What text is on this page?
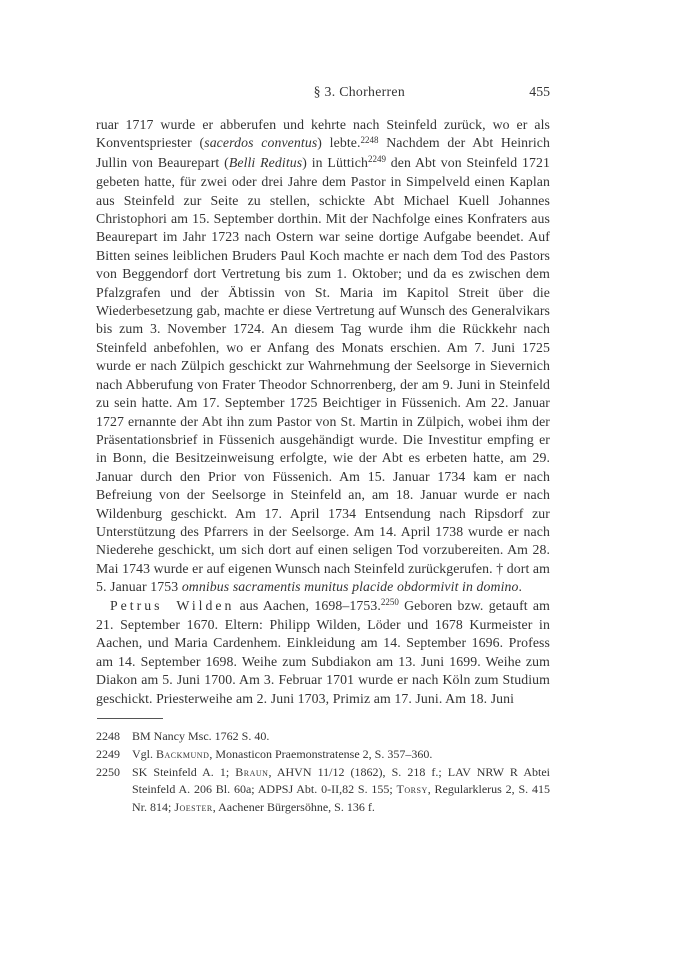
§ 3. Chorherren	455

ruar 1717 wurde er abberufen und kehrte nach Steinfeld zurück, wo er als Konventspriester (sacerdos conventus) lebte.$^{2248}$ Nachdem der Abt Heinrich Jullin von Beaurepart (Belli Reditus) in Lüttich$^{2249}$ den Abt von Steinfeld 1721 gebeten hatte, für zwei oder drei Jahre dem Pastor in Simpelveld einen Kaplan aus Steinfeld zur Seite zu stellen, schickte Abt Michael Kuell Johannes Christophori am 15. September dorthin. Mit der Nachfolge eines Konfraters aus Beaurepart im Jahr 1723 nach Ostern war seine dortige Aufgabe beendet. Auf Bitten seines leiblichen Bruders Paul Koch machte er nach dem Tod des Pastors von Beggendorf dort Vertretung bis zum 1. Oktober; und da es zwischen dem Pfalzgrafen und der Äbtissin von St. Maria im Kapitol Streit über die Wiederbesetzung gab, machte er diese Vertretung auf Wunsch des Generalvikars bis zum 3. November 1724. An diesem Tag wurde ihm die Rückkehr nach Steinfeld anbefohlen, wo er Anfang des Monats erschien. Am 7. Juni 1725 wurde er nach Zülpich geschickt zur Wahrnehmung der Seelsorge in Sievernich nach Abberufung von Frater Theodor Schnorrenberg, der am 9. Juni in Steinfeld zu sein hatte. Am 17. September 1725 Beichtiger in Füssenich. Am 22. Januar 1727 ernannte der Abt ihn zum Pastor von St. Martin in Zülpich, wobei ihm der Präsentationsbrief in Füssenich ausgehändigt wurde. Die Investitur empfing er in Bonn, die Besitzeinweisung erfolgte, wie der Abt es erbeten hatte, am 29. Januar durch den Prior von Füssenich. Am 15. Januar 1734 kam er nach Befreiung von der Seelsorge in Steinfeld an, am 18. Januar wurde er nach Wildenburg geschickt. Am 17. April 1734 Entsendung nach Ripsdorf zur Unterstützung des Pfarrers in der Seelsorge. Am 14. April 1738 wurde er nach Niederehe geschickt, um sich dort auf einen seligen Tod vorzubereiten. Am 28. Mai 1743 wurde er auf eigenen Wunsch nach Steinfeld zurückgerufen. † dort am 5. Januar 1753 omnibus sacramentis munitus placide obdormivit in domino.

Petrus Wilden aus Aachen, 1698–1753.$^{2250}$ Geboren bzw. getauft am 21. September 1670. Eltern: Philipp Wilden, Löder und 1678 Kurmeister in Aachen, und Maria Cardenhem. Einkleidung am 14. September 1696. Profess am 14. September 1698. Weihe zum Subdiakon am 13. Juni 1699. Weihe zum Diakon am 5. Juni 1700. Am 3. Februar 1701 wurde er nach Köln zum Studium geschickt. Priesterweihe am 2. Juni 1703, Primiz am 17. Juni. Am 18. Juni

2248 BM Nancy Msc. 1762 S. 40.
2249 Vgl. Backmund, Monasticon Praemonstratense 2, S. 357–360.
2250 SK Steinfeld A. 1; Braun, AHVN 11/12 (1862), S. 218 f.; LAV NRW R Abtei Steinfeld A. 206 Bl. 60a; ADPSJ Abt. 0-II,82 S. 155; Torsy, Regularklerus 2, S. 415 Nr. 814; Joester, Aachener Bürgersöhne, S. 136 f.
